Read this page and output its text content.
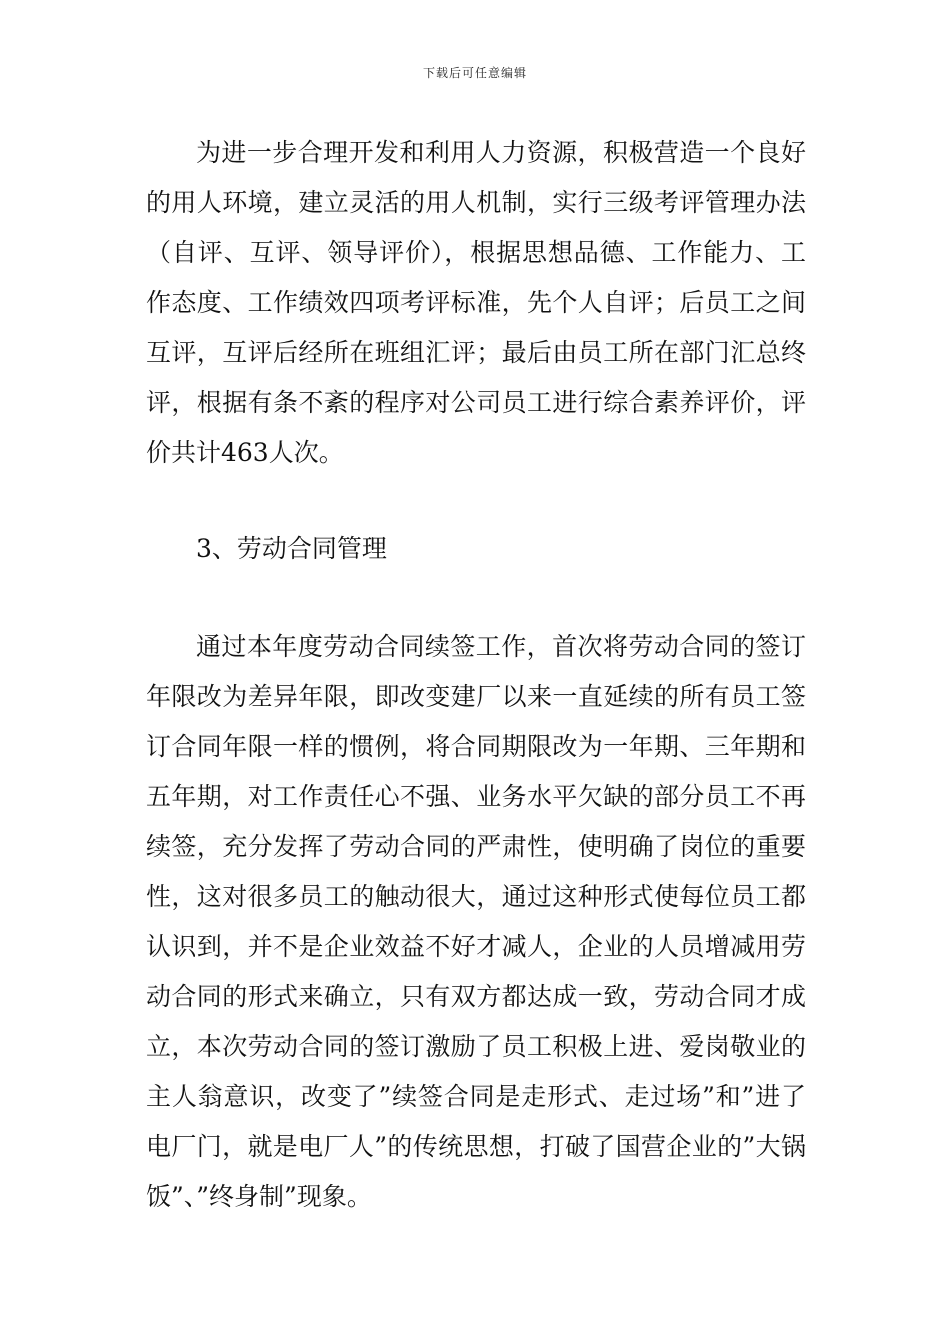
下载后可任意编辑

为进一步合理开发和利用人力资源，积极营造一个良好的用人环境，建立灵活的用人机制，实行三级考评管理办法（自评、互评、领导评价），根据思想品德、工作能力、工作态度、工作绩效四项考评标准，先个人自评；后员工之间互评，互评后经所在班组汇评；最后由员工所在部门汇总终评，根据有条不紊的程序对公司员工进行综合素养评价，评价共计463人次。

3、劳动合同管理

通过本年度劳动合同续签工作，首次将劳动合同的签订年限改为差异年限，即改变建厂以来一直延续的所有员工签订合同年限一样的惯例，将合同期限改为一年期、三年期和五年期，对工作责任心不强、业务水平欠缺的部分员工不再续签，充分发挥了劳动合同的严肃性，使明确了岗位的重要性，这对很多员工的触动很大，通过这种形式使每位员工都认识到，并不是企业效益不好才减人，企业的人员增减用劳动合同的形式来确立，只有双方都达成一致，劳动合同才成立，本次劳动合同的签订激励了员工积极上进、爱岗敬业的主人翁意识，改变了”续签合同是走形式、走过场”和”进了电厂门，就是电厂人”的传统思想，打破了国营企业的”大锅饭”、”终身制”现象。
